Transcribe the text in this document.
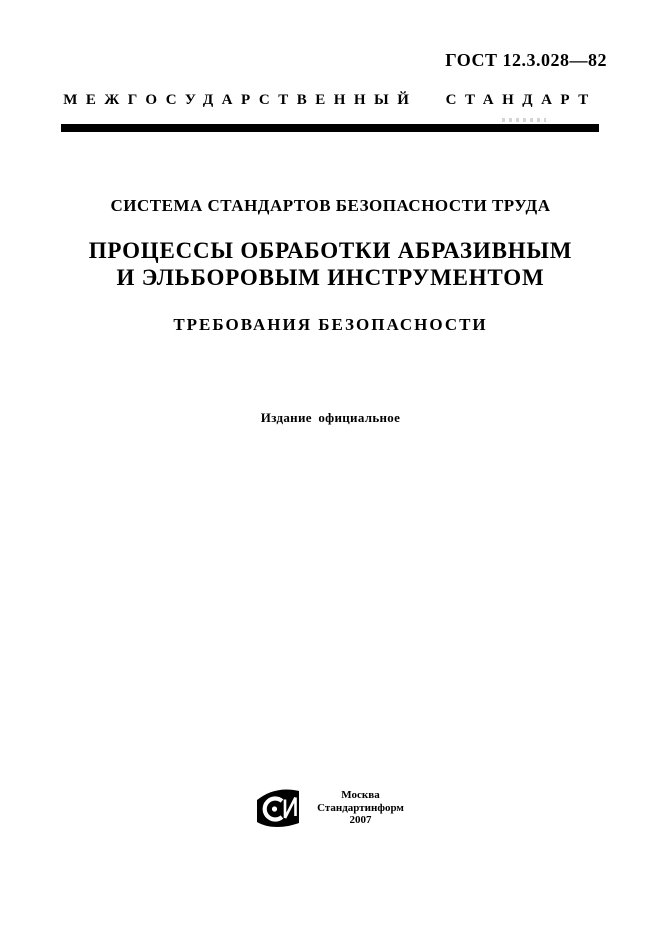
ГОСТ 12.3.028—82
МЕЖГОСУДАРСТВЕННЫЙ СТАНДАРТ
СИСТЕМА СТАНДАРТОВ БЕЗОПАСНОСТИ ТРУДА
ПРОЦЕССЫ ОБРАБОТКИ АБРАЗИВНЫМ
И ЭЛЬБОРОВЫМ ИНСТРУМЕНТОМ
ТРЕБОВАНИЯ БЕЗОПАСНОСТИ
Издание официальное
Москва
Стандартинформ
2007
